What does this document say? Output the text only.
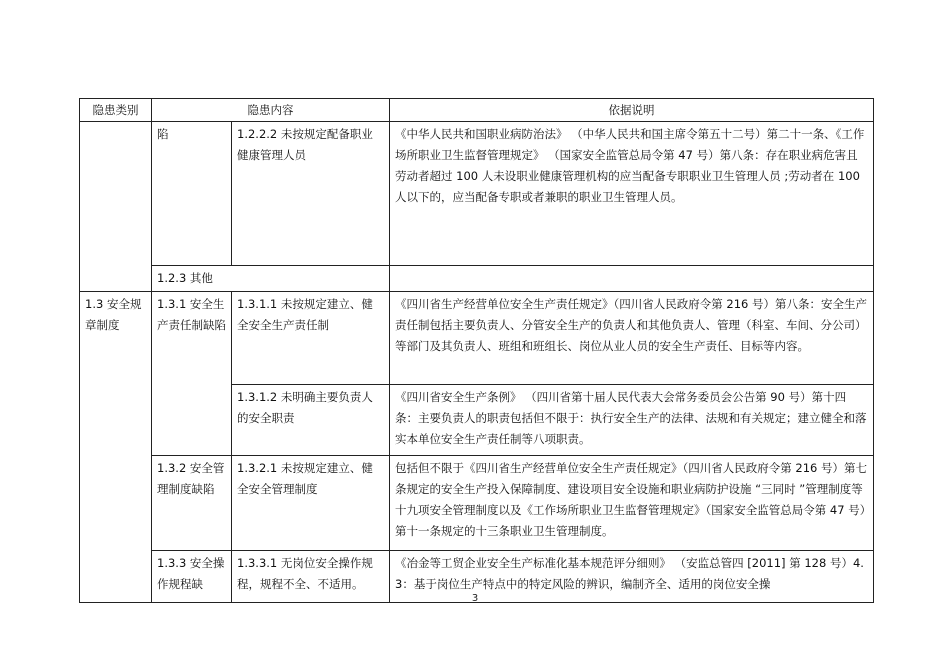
隐患类别	隐患内容		依据说明
	陷	1.2.2.2 未按规定配备职业健康管理人员	《中华人民共和国职业病防治法》 （中华人民共和国主席令第五十二号）第二十一条、《工作场所职业卫生监督管理规定》 （国家安全监管总局令第 47 号）第八条：存在职业病危害且劳动者超过 100 人未设职业健康管理机构的应当配备专职职业卫生管理人员 ;劳动者在 100 人以下的，应当配备专职或者兼职的职业卫生管理人员。
	1.2.3 其他		
1.3 安全规章制度	1.3.1 安全生产责任制缺陷	1.3.1.1 未按规定建立、健全安全生产责任制	《四川省生产经营单位安全生产责任规定》（四川省人民政府令第 216 号）第八条：安全生产责任制包括主要负责人、分管安全生产的负责人和其他负责人、管理（科室、车间、分公司）等部门及其负责人、班组和班组长、岗位从业人员的安全生产责任、目标等内容。
		1.3.1.2 未明确主要负责人的安全职责	《四川省安全生产条例》 （四川省第十届人民代表大会常务委员会公告第 90 号）第十四条：主要负责人的职责包括但不限于：执行安全生产的法律、法规和有关规定；建立健全和落实本单位安全生产责任制等八项职责。
	1.3.2 安全管理制度缺陷	1.3.2.1 未按规定建立、健全安全管理制度	包括但不限于《四川省生产经营单位安全生产责任规定》（四川省人民政府令第 216 号）第七条规定的安全生产投入保障制度、建设项目安全设施和职业病防护设施 “三同时 ”管理制度等十九项安全管理制度以及《工作场所职业卫生监督管理规定》（国家安全监管总局令第 47 号）第十一条规定的十三条职业卫生管理制度。
	1.3.3 安全操作规程缺	1.3.3.1 无岗位安全操作规程，规程不全、不适用。	《冶金等工贸企业安全生产标准化基本规范评分细则》 （安监总管四 [2011] 第 128 号）4.3：基于岗位生产特点中的特定风险的辨识，编制齐全、适用的岗位安全操
3
